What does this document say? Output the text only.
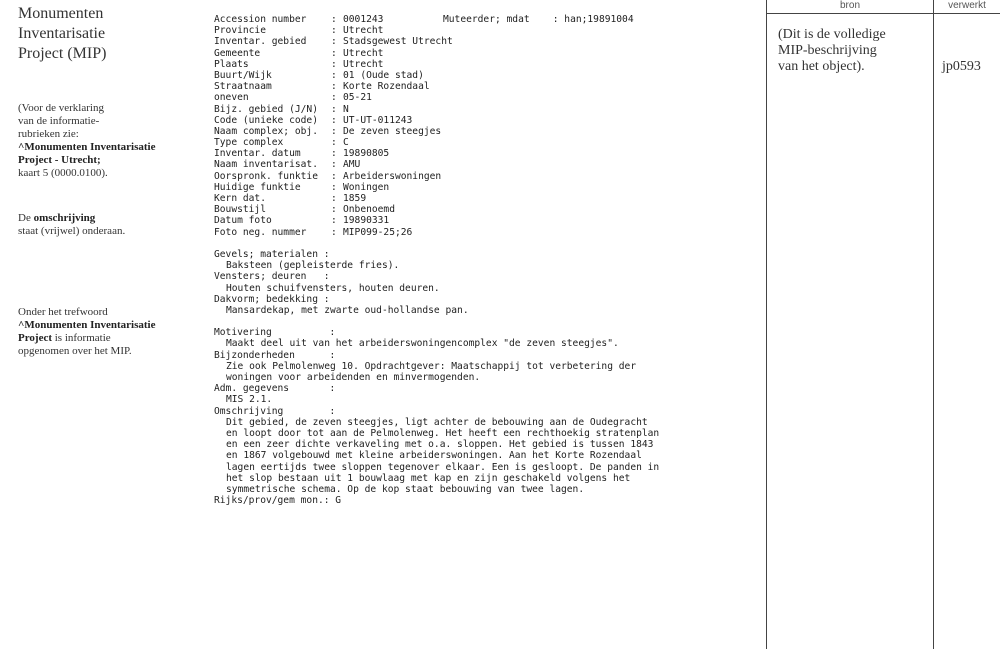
Monumenten

Inventarisatie

Project (MIP)

(Voor de verklaring
van de informatie-
rubrieken zie:
^Monumenten Inventarisatie
Project - Utrecht;
kaart 5 (0000.0100).
De omschrijving
staat (vrijwel) onderaan.
Onder het trefwoord
^Monumenten Inventarisatie
Project is informatie
opgenomen over het MIP.
Accession number	: 0001243	Muteerder; mdat    : han;19891004
Provincie	: Utrecht
Inventar. gebied	: Stadsgewest Utrecht
Gemeente	: Utrecht
Plaats	: Utrecht
Buurt/Wijk	: 01 (Oude stad)
Straatnaam	: Korte Rozendaal
oneven	: 05-21
Bijz. gebied (J/N)	: N
Code (unieke code)	: UT-UT-011243
Naam complex; obj.	: De zeven steegjes
Type complex	: C
Inventar. datum	: 19890805
Naam inventarisat.	: AMU
Oorspronk. funktie	: Arbeiderswoningen
Huidige funktie	: Woningen
Kern dat.	: 1859
Bouwstijl	: Onbenoemd
Datum foto	: 19890331
Foto neg. nummer	: MIP099-25;26
Gevels; materialen :
Baksteen (gepleisterde fries).
Vensters; deuren   :
Houten schuifvensters, houten deuren.
Dakvorm; bedekking :
Mansardekap, met zwarte oud-hollandse pan.
Motivering          :
Maakt deel uit van het arbeiderswoningencomplex "de zeven steegjes".
Bijzonderheden      :
Zie ook Pelmolenweg 10. Opdrachtgever: Maatschappij tot verbetering der
woningen voor arbeidenden en minvermogenden.
Adm. gegevens       :
MIS 2.1.
Omschrijving        :
Dit gebied, de zeven steegjes, ligt achter de bebouwing aan de Oudegracht
en loopt door tot aan de Pelmolenweg. Het heeft een rechthoekig stratenplan
en een zeer dichte verkaveling met o.a. sloppen. Het gebied is tussen 1843
en 1867 volgebouwd met kleine arbeiderswoningen. Aan het Korte Rozendaal
lagen eertijds twee sloppen tegenover elkaar. Een is gesloopt. De panden in
het slop bestaan uit 1 bouwlaag met kap en zijn geschakeld volgens het
symmetrische schema. Op de kop staat bebouwing van twee lagen.
Rijks/prov/gem mon.: G
bron	verwerkt
(Dit is de volledige
MIP-beschrijving
van het object).	jp0593
